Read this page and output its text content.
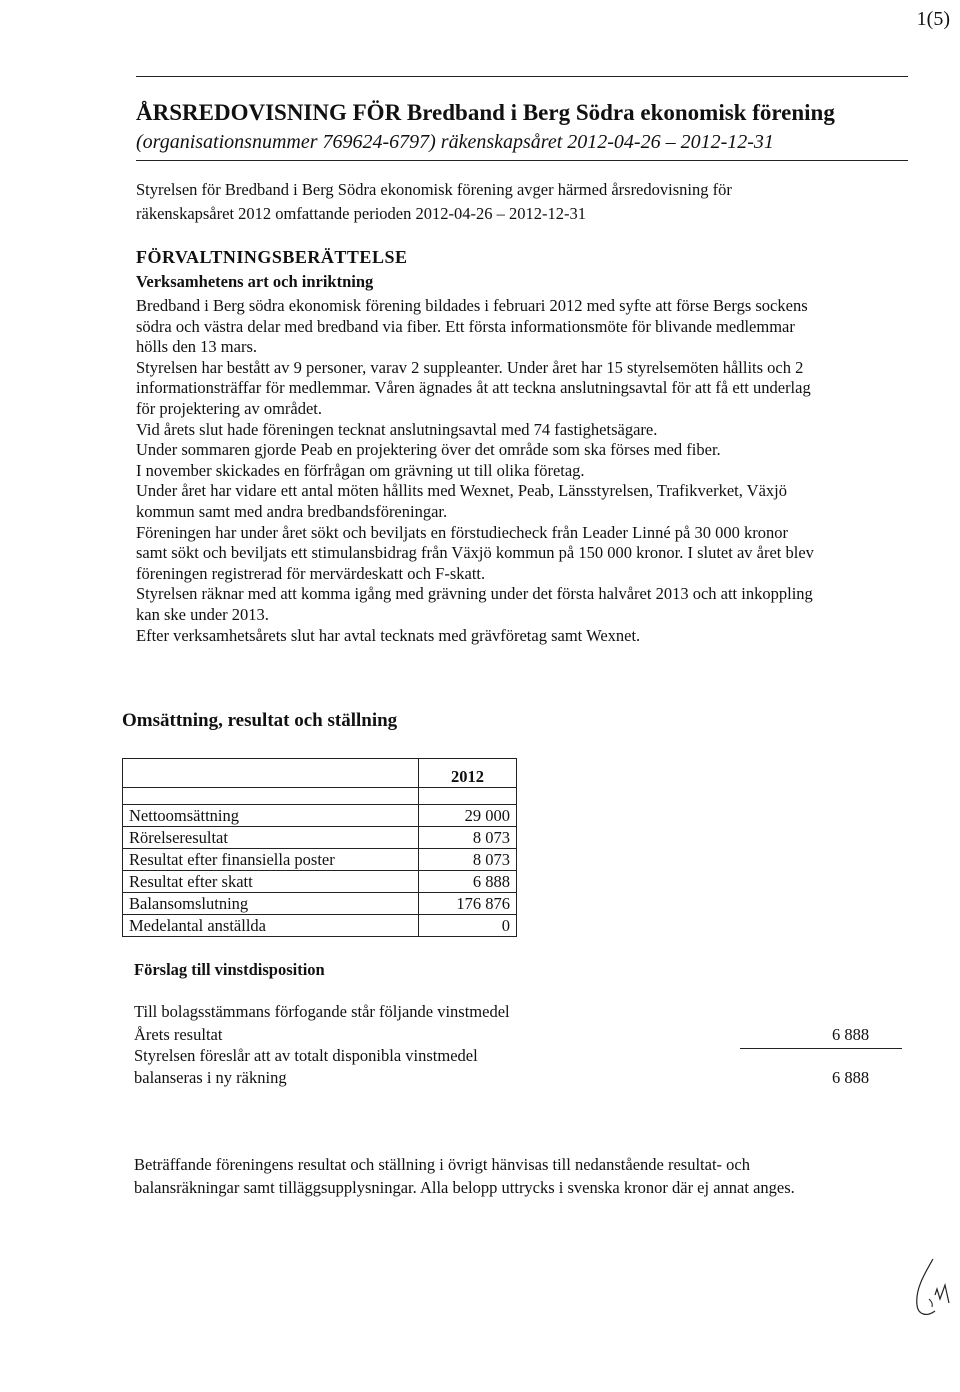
1(5)
ÅRSREDOVISNING FÖR Bredband i Berg Södra ekonomisk förening
(organisationsnummer 769624-6797) räkenskapsåret 2012-04-26 – 2012-12-31

Styrelsen för Bredband i Berg Södra ekonomisk förening avger härmed årsredovisning för

räkenskapsåret 2012 omfattande perioden 2012-04-26 – 2012-12-31

FÖRVALTNINGSBERÄTTELSE
Verksamhetens art och inriktning

Bredband i Berg södra ekonomisk förening bildades i februari 2012 med syfte att förse Bergs sockens

södra och västra delar med bredband via fiber. Ett första informationsmöte för blivande medlemmar

hölls den 13 mars.

Styrelsen har bestått av 9 personer, varav 2 suppleanter. Under året har 15 styrelsemöten hållits och 2

informationsträffar för medlemmar. Våren ägnades åt att teckna anslutningsavtal för att få ett underlag

för projektering av området.

Vid årets slut hade föreningen tecknat anslutningsavtal med 74 fastighetsägare.

Under sommaren gjorde Peab en projektering över det område som ska förses med fiber.

I november skickades en förfrågan om grävning ut till olika företag.

Under året har vidare ett antal möten hållits med Wexnet, Peab, Länsstyrelsen, Trafikverket, Växjö

kommun samt med andra bredbandsföreningar.

Föreningen har under året sökt och beviljats en förstudiecheck från Leader Linné på 30 000 kronor

samt sökt och beviljats ett stimulansbidrag från Växjö kommun på 150 000 kronor. I slutet av året blev

föreningen registrerad för mervärdeskatt och F-skatt.

Styrelsen räknar med att komma igång med grävning under det första halvåret 2013 och att inkoppling

kan ske under 2013.

Efter verksamhetsårets slut har avtal tecknats med grävföretag samt Wexnet.

Omsättning, resultat och ställning
	2012

Nettoomsättning	29 000
Rörelseresultat	8 073
Resultat efter finansiella poster	8 073
Resultat efter skatt	6 888
Balansomslutning	176 876
Medelantal anställda	0
Förslag till vinstdisposition
Till bolagsstämmans förfogande står följande vinstmedel
Årets resultat	6 888
Styrelsen föreslår att av totalt disponibla vinstmedel
balanseras i ny räkning	6 888

Beträffande föreningens resultat och ställning i övrigt hänvisas till nedanstående resultat- och

balansräkningar samt tilläggsupplysningar. Alla belopp uttrycks i svenska kronor där ej annat anges.
